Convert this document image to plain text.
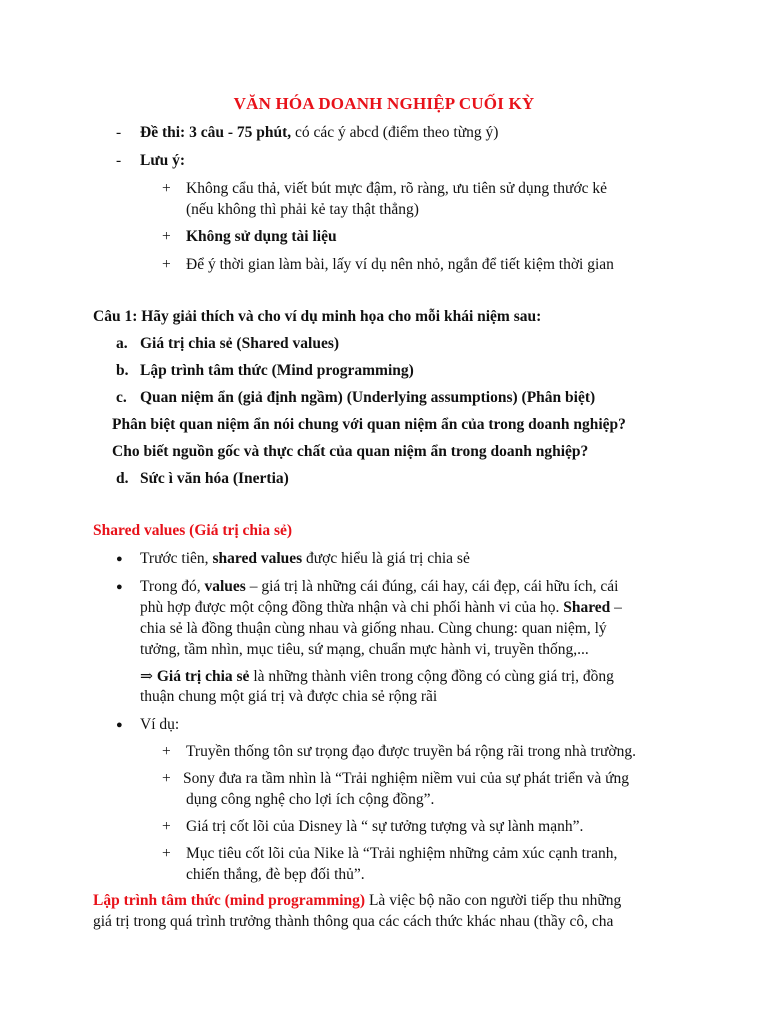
VĂN HÓA DOANH NGHIỆP CUỐI KỲ
- Đề thi: 3 câu - 75 phút, có các ý abcd (điểm theo từng ý)
- Lưu ý:
+ Không cẩu thả, viết bút mực đậm, rõ ràng, ưu tiên sử dụng thước kẻ
(nếu không thì phải kẻ tay thật thẳng)
+ Không sử dụng tài liệu
+ Để ý thời gian làm bài, lấy ví dụ nên nhỏ, ngắn để tiết kiệm thời gian
Câu 1: Hãy giải thích và cho ví dụ minh họa cho mỗi khái niệm sau:
a. Giá trị chia sẻ (Shared values)
b. Lập trình tâm thức (Mind programming)
c. Quan niệm ẩn (giả định ngầm) (Underlying assumptions) (Phân biệt)
Phân biệt quan niệm ẩn nói chung với quan niệm ẩn của trong doanh nghiệp?
Cho biết nguồn gốc và thực chất của quan niệm ẩn trong doanh nghiệp?
d. Sức ì văn hóa (Inertia)
Shared values (Giá trị chia sẻ)
● Trước tiên, shared values được hiểu là giá trị chia sẻ
● Trong đó, values – giá trị là những cái đúng, cái hay, cái đẹp, cái hữu ích, cái
phù hợp được một cộng đồng thừa nhận và chi phối hành vi của họ. Shared –
chia sẻ là đồng thuận cùng nhau và giống nhau. Cùng chung: quan niệm, lý
tưởng, tầm nhìn, mục tiêu, sứ mạng, chuẩn mực hành vi, truyền thống,...
⇒ Giá trị chia sẻ là những thành viên trong cộng đồng có cùng giá trị, đồng
thuận chung một giá trị và được chia sẻ rộng rãi
● Ví dụ:
+ Truyền thống tôn sư trọng đạo được truyền bá rộng rãi trong nhà trường.
+ Sony đưa ra tầm nhìn là “Trải nghiệm niềm vui của sự phát triển và ứng
dụng công nghệ cho lợi ích cộng đồng”.
+ Giá trị cốt lõi của Disney là “ sự tưởng tượng và sự lành mạnh”.
+ Mục tiêu cốt lõi của Nike là “Trải nghiệm những cảm xúc cạnh tranh,
chiến thắng, đè bẹp đối thủ”.
Lập trình tâm thức (mind programming) Là việc bộ não con người tiếp thu những
giá trị trong quá trình trưởng thành thông qua các cách thức khác nhau (thầy cô, cha
